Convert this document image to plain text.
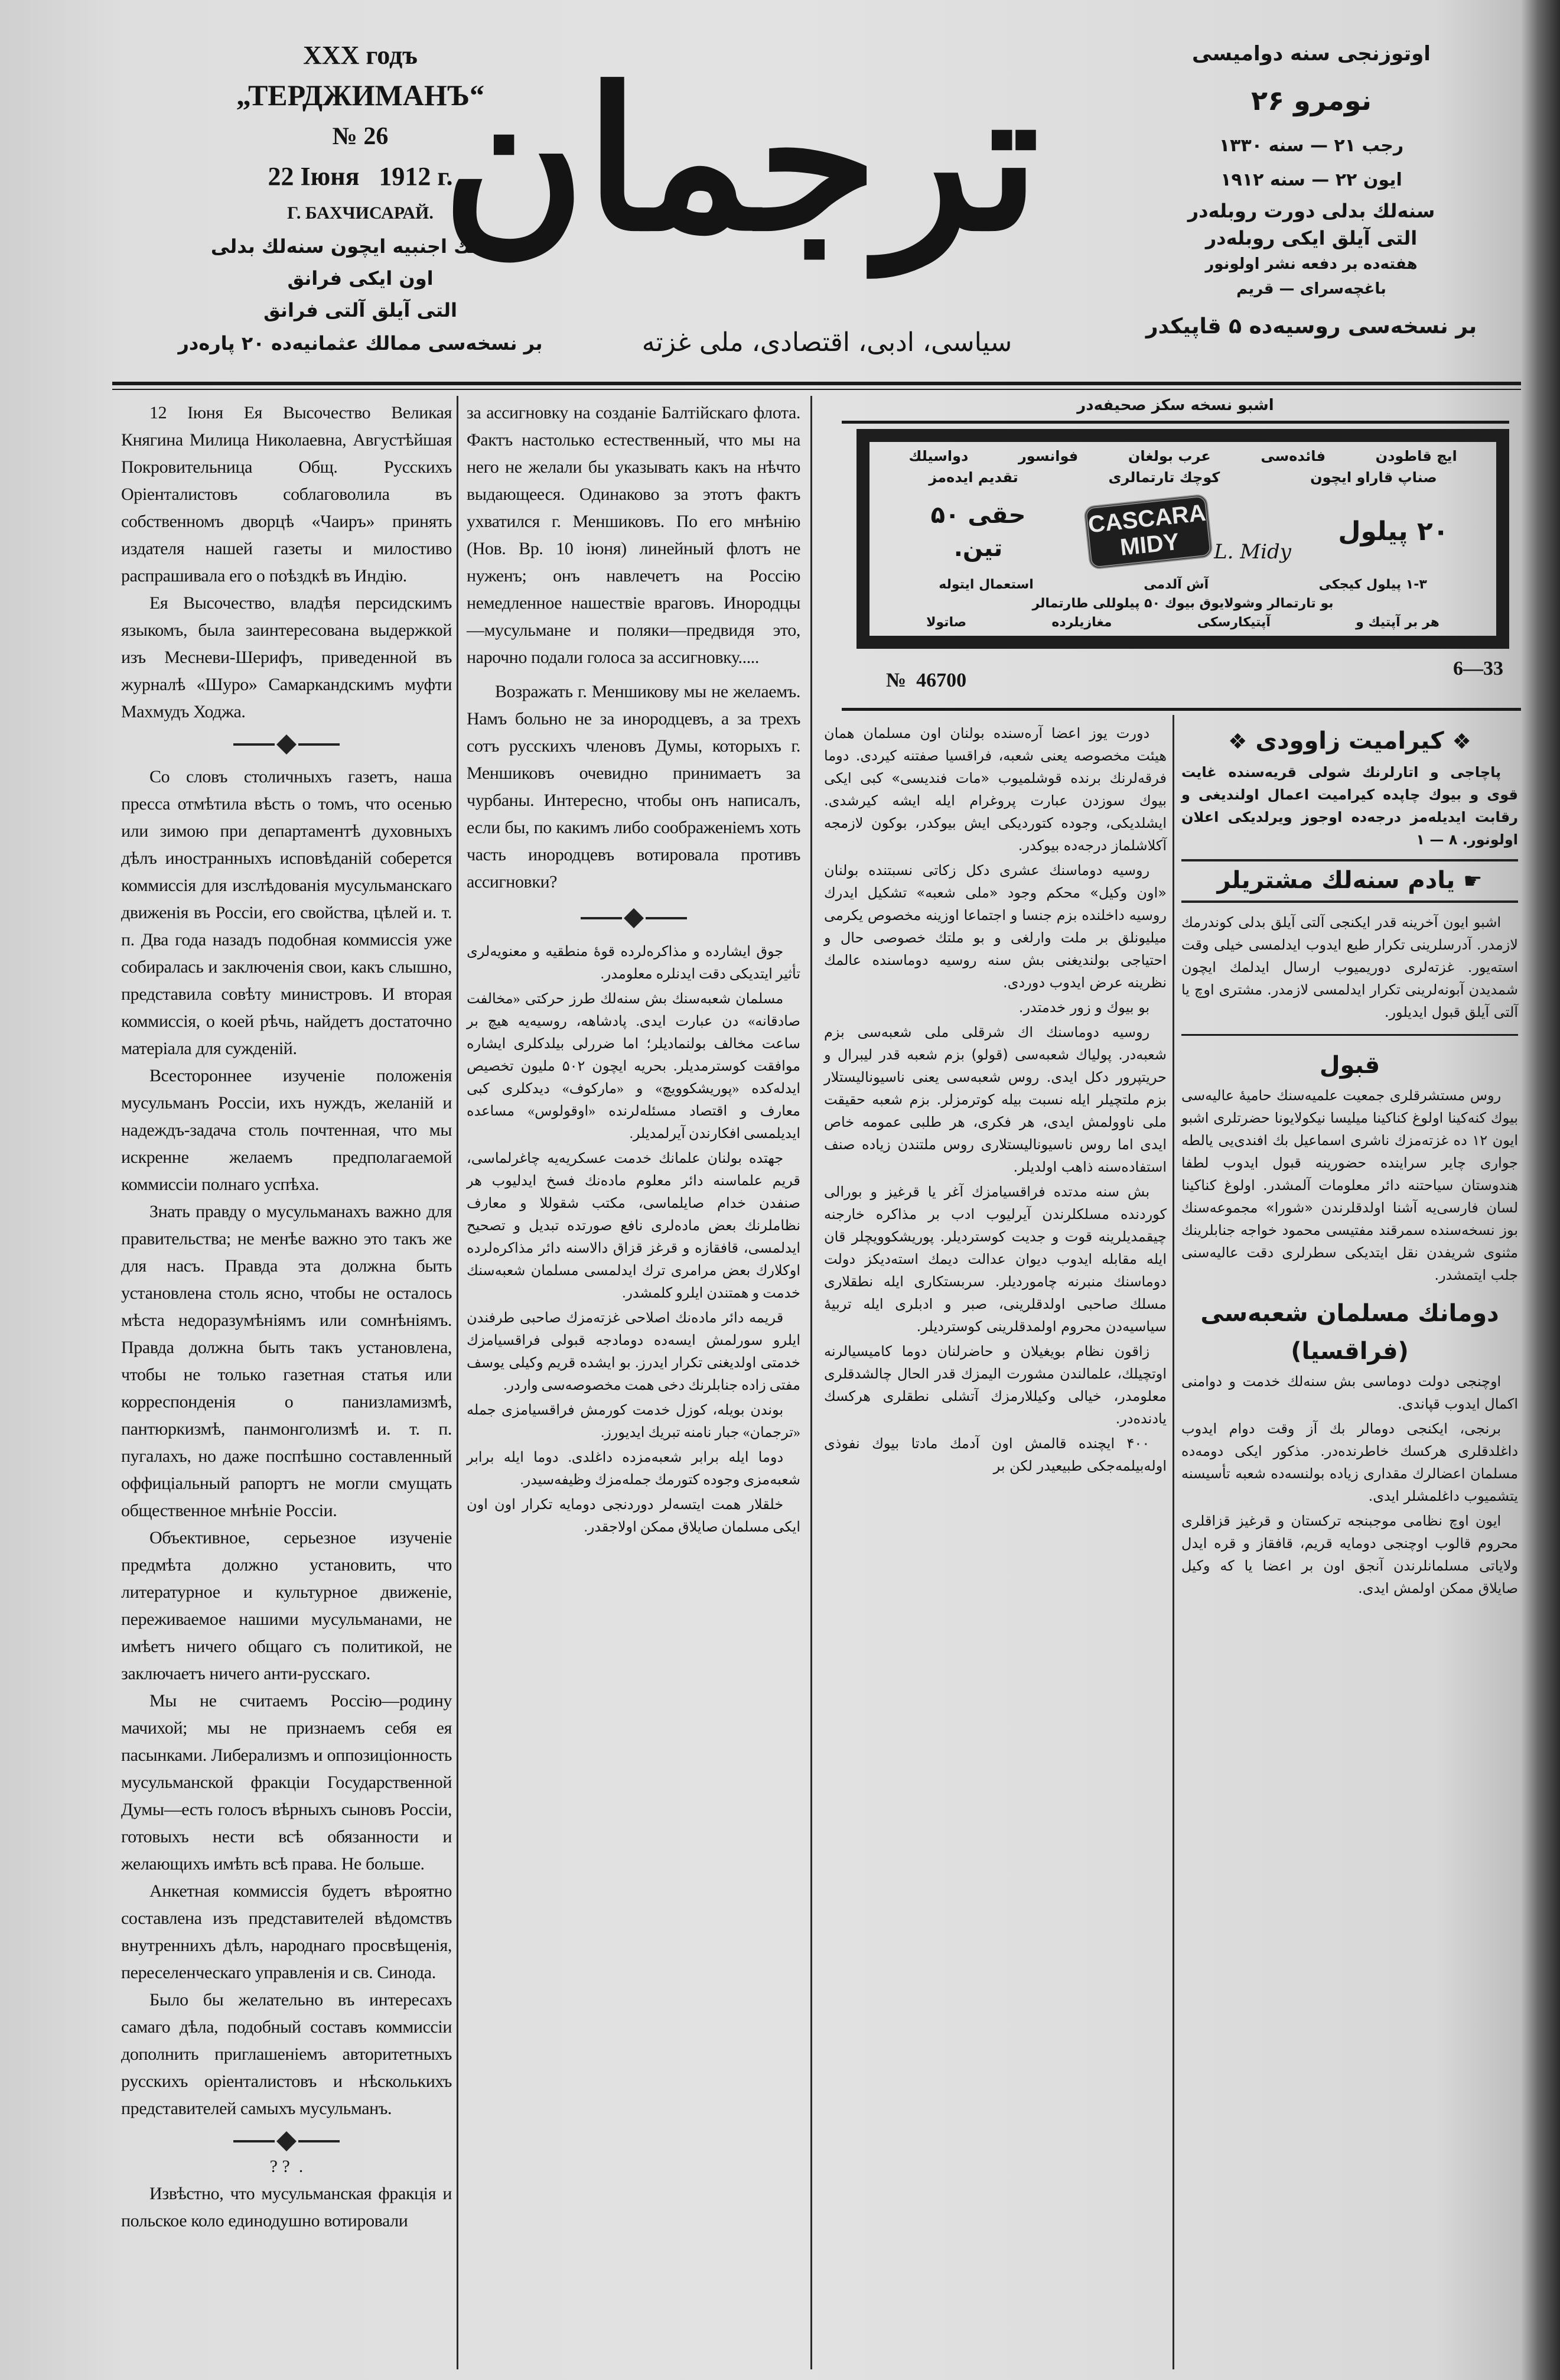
XXX годъ
„ТЕРДЖИМАНЪ“
№ 26
22 Іюня   1912 г.
Г. БАХЧИСАРАЙ.
ممالك اجنبیه ایچون سنەلك بدلی
اون ایکی فرانق
التی آیلق آلتی فرانق
بر نسخەسی ممالك عثمانیەده ۲۰ پارەدر
ترجمان
سیاسی، ادبی، اقتصادی، ملی غزته
اوتوزنجی سنه دوامیسی
نومرو ۲۶
رجب ۲۱ — سنه ۱۳۳۰
ایون ۲۲ — سنه ۱۹۱۲
سنەلك بدلی دورت روبلەدر
التی آیلق ایکی روبلەدر
هفتەده بر دفعه نشر اولونور
باغچەسرای — قریم
بر نسخەسی روسیەده ۵ قاپیکدر

12 Іюня Ея Высочество Великая Княгина Милица Николаевна, Августѣйшая Покровительница Общ. Русскихъ Оріенталистовъ соблаговолила въ собственномъ дворцѣ «Чаиръ» принять издателя нашей газеты и милостиво распрашивала его о поѣздкѣ въ Индію.

Ея Высочество, владѣя персидскимъ языкомъ, была заинтересована выдержкой изъ Месневи-Шерифъ, приведенной въ журналѣ «Шуро» Самаркандскимъ муфти Махмудъ Ходжа.

Со словъ столичныхъ газетъ, наша пресса отмѣтила вѣсть о томъ, что осенью или зимою при департаментѣ духовныхъ дѣлъ иностранныхъ исповѣданій соберется коммиссія для изслѣдованія мусульманскаго движенія въ Россіи, его свойства, цѣлей и. т. п. Два года назадъ подобная коммиссія уже собиралась и заключенія свои, какъ слышно, представила совѣту министровъ. И вторая коммиссія, о коей рѣчь, найдетъ достаточно матеріала для сужденій.

Всестороннее изученіе положенія мусульманъ Россіи, ихъ нуждъ, желаній и надеждъ-задача столь почтенная, что мы искренне желаемъ предполагаемой коммиссіи полнаго успѣха.

Знать правду о мусульманахъ важно для правительства; не менѣе важно это такъ же для насъ. Правда эта должна быть установлена столь ясно, чтобы не осталось мѣста недоразумѣніямъ или сомнѣніямъ. Правда должна быть такъ установлена, чтобы не только газетная статья или корреспонденія о панизламизмѣ, пантюркизмѣ, панмонголизмѣ и. т. п. пугалахъ, но даже поспѣшно составленный оффиціальный рапортъ не могли смущать общественное мнѣніе Россіи.

Объективное, серьезное изученіе предмѣта должно установить, что литературное и культурное движеніе, переживаемое нашими мусульманами, не имѣетъ ничего общаго съ политикой, не заключаетъ ничего анти-русскаго.

Мы не считаемъ Россію—родину мачихой; мы не признаемъ себя ея пасынками. Либерализмъ и оппозиціонность мусульманской фракціи Государственной Думы—есть голосъ вѣрныхъ сыновъ Россіи, готовыхъ нести всѣ обязанности и желающихъ имѣть всѣ права. Не больше.

Анкетная коммиссія будетъ вѣроятно составлена изъ представителей вѣдомствъ внутреннихъ дѣлъ, народнаго просвѣщенія, переселенческаго управленія и св. Синода.

Было бы желательно въ интересахъ самаго дѣла, подобный составъ коммиссіи дополнить приглашеніемъ авторитетныхъ русскихъ оріенталистовъ и нѣсколькихъ представителей самыхъ мусульманъ.

? ?  .

Извѣстно, что мусульманская фракція и польское коло единодушно вотировали

за ассигновку на созданіе Балтійскаго флота. Фактъ настолько естественный, что мы на него не желали бы указывать какъ на нѣчто выдающееся. Одинаково за этотъ фактъ ухватился г. Меншиковъ. По его мнѣнію (Нов. Вр. 10 іюня) линейный флотъ не нуженъ; онъ навлечетъ на Россію немедленное нашествіе враговъ. Инородцы—мусульмане и поляки—предвидя это, нарочно подали голоса за ассигновку.....

Возражать г. Меншикову мы не желаемъ. Намъ больно не за инородцевъ, а за трехъ сотъ русскихъ членовъ Думы, которыхъ г. Меншиковъ очевидно принимаетъ за чурбаны. Интересно, чтобы онъ написалъ, если бы, по какимъ либо соображеніемъ хоть часть инородцевъ вотировала противъ ассигновки?

جوق ایشارده و مذاکرەلرده قوهٔ منطقیه و معنویەلری تأثیر ایتدیکی دقت ایدنلره معلومدر.

مسلمان شعبەسنك بش سنەلك طرز حرکتی «مخالفت صادقانه» دن عبارت ایدی. پادشاهه، روسیەیه هیچ بر ساعت مخالف بولنمادیلر؛ اما ضررلی بیلدکلری ایشاره موافقت کوسترمدیلر. بحریه ایچون ۵۰۲ ملیون تخصیص ایدلەکده «پوریشکوویچ» و «مارکوف» دیدکلری کبی معارف و اقتصاد مسئلەلرنده «اوقولوس» مساعده ایدیلمسی افکارندن آیرلمدیلر.

جهتده بولنان علمانك خدمت عسکریەیه چاغرلماسی، قریم علماسنه دائر معلوم مادەنك فسخ ایدلیوب هر صنفدن خدام صایلماسی، مکتب شقوللا و معارف نظاملرنك بعض مادەلری نافع صورتده تبدیل و تصحیح ایدلمسی، قافقازه و قرغز قزاق دالاسنه دائر مذاکرەلرده اوکلارك بعض مرامری ترك ایدلمسی مسلمان شعبەسنك خدمت و همتندن ایلرو کلمشدر.

قریمه دائر مادەنك اصلاحی غزتەمزك صاحبی طرفندن ایلرو سورلمش ایسەده دومادجه قبولی فراقسیامزك خدمتی اولدیغنی تکرار ایدرز. بو ایشده قریم وکیلی یوسف مفتی زاده جنابلرنك دخی همت مخصوصەسی واردر.

بوندن بویله، کوزل خدمت کورمش فراقسیامزی جمله «ترجمان» جبار نامنه تبریك ایدیورز.

دوما ایله برابر شعبەمزده داغلدی. دوما ایله برابر شعبەمزی وجوده کتورمك جملەمزك وظیفەسیدر.

خلقلار همت ایتسەلر دوردنجی دومایه تکرار اون اون ایکی مسلمان صایلاق ممکن اولاجقدر.

اشبو نسخه سکز صحیفەدر
ایچ قاطودن
فائدەسی
عرب بولغان
فوانسور
دواسیلك
صناپ قاراو ایچون
کوچك تارتمالری
تقدیم ایدەمز
حقی ۵۰ تین.
CASCARA
MIDY L. Midy
۲۰ پیلول
۱-۳ پیلول کیجکی
آش آلدمی
استعمال ایتولە
بو تارتمالر وشولایوق بیوك ۵۰ پیلوللی طارتمالر
هر بر آپتیك و
آپتیکارسکی
مغازیلرده
صاتولا
№  46700
6—33

دورت یوز اعضا آرەسنده بولنان اون مسلمان همان هیئت مخصوصه یعنی شعبه، فراقسیا صفتنه کیردی. دوما فرقەلرنك برنده قوشلمیوب «مات فندیسی» کبی ایکی بیوك سوزدن عبارت پروغرام ایله ایشه کیرشدی. ایشلدیکی، وجوده کتوردیکی ایش بیوکدر، بوکون لازمجه آکلاشلماز درجەده بیوکدر.

روسیه دوماسنك عشری دکل زکاتی نسبتنده بولنان «اون وکیل» محکم وجود «ملی شعبه» تشکیل ایدرك روسیه داخلنده بزم جنسا و اجتماعا اوزینه مخصوص یکرمی میلیونلق بر ملت وارلغی و بو ملتك خصوصی حال و احتیاجی بولندیغنی بش سنه روسیه دوماسنده عالمك نظرینه عرض ایدوب دوردی.

بو بیوك و زور خدمتدر.

روسیه دوماسنك اك شرقلی ملی شعبەسی بزم شعبەدر. پولیاك شعبەسی (قولو) بزم شعبه قدر لیبرال و حریتپرور دکل ایدی. روس شعبەسی یعنی ناسیونالیستلار بزم ملتچیلر ایله نسبت بیله کوترمزلر. بزم شعبه حقیقت ملی ناوولمش ایدی، هر فکری، هر طلبی عمومه خاص ایدی اما روس ناسیونالیستلاری روس ملتندن زیاده صنف استفادەسنه ذاهب اولدیلر.

بش سنه مدتده فراقسیامزك آغر یا قرغیز و بورالی کوردنده مسلکلرندن آیرلیوب ادب بر مذاکره خارجنه چیقمدیلرینه قوت و جدیت کوستردیلر. پوریشکوویچلر قان ایله مقابله ایدوب دیوان عدالت دیمك استەدیکز دولت دوماسنك منبرنه چاموردیلر. سربستکاری ایله نطقلاری مسلك صاحبی اولدقلرینی، صبر و ادبلری ایله تربیهٔ سیاسیەدن محروم اولمدقلرینی کوستردیلر.

زاقون نظام بویغیلان و حاضرلنان دوما کامیسیالرنه اوتچیلك، علمالندن مشورت الیمزك قدر الحال چالشدقلری معلومدر، خیالی وکیللارمزك آتشلی نطقلری هرکسك یادندەدر.

۴۰۰ ایچنده قالمش اون آدمك مادتا بیوك نفوذی اولەبیلمەجکی طبیعیدر لکن بر

❖ کیرامیت زاوودی ❖

پاچاجی و اتارلرنك شولی قریەسنده غایت قوی و بیوك چاپده کیرامیت اعمال اولندیغی و رقابت ایدیلەمز درجەده اوجوز ویرلدیکی اعلان اولونور. ۸ — ۱

☛ یادم سنەلك مشتریلر

اشبو ایون آخرینه قدر ایکنجی آلتی آیلق بدلی کوندرمك لازمدر. آدرسلرینی تکرار طبع ایدوب ایدلمسی خیلی وقت استەیور. غزتەلری دوریمیوب ارسال ایدلمك ایچون شمدیدن آبونەلرینی تکرار ایدلمسی لازمدر. مشتری اوچ یا آلتی آیلق قبول ایدیلور.

قبول

روس مستشرقلری جمعیت علمیەسنك حامیهٔ عالیەسی بیوك کنەکینا اولوغ کناکینا میلیسا نیکولایونا حضرتلری اشبو ایون ۱۲ ده غزتەمزك ناشری اسماعیل بك افندی‌یی یالطه جواری چایر سراینده حضورینه قبول ایدوب لطفا هندوستان سیاحتنه دائر معلومات آلمشدر. اولوغ کناکینا لسان فارسی‌یه آشنا اولدقلرندن «شورا» مجموعەسنك بوز نسخەسنده سمرقند مفتیسی محمود خواجه جنابلرینك مثنوی شریفدن نقل ایتدیکی سطرلری دقت عالیەسنی جلب ایتمشدر.

دومانك مسلمان شعبەسی
(فراقسیا)

اوچنجی دولت دوماسی بش سنەلك خدمت و دوامنی اکمال ایدوب قپاندی.

برنجی، ایکنجی دومالر بك آز وقت دوام ایدوب داغلدقلری هرکسك خاطرندەدر. مذکور ایکی دومەده مسلمان اعضالرك مقداری زیاده بولنسەده شعبه تأسیسنه یتشمیوب داغلمشلر ایدی.

ایون اوچ نظامی موجبنجه ترکستان و قرغیز قزاقلری محروم قالوب اوچنجی دومایه قریم، قافقاز و قره ایدل ولایاتی مسلمانلرندن آنجق اون بر اعضا یا که وکیل صایلاق ممکن اولمش ایدی.
